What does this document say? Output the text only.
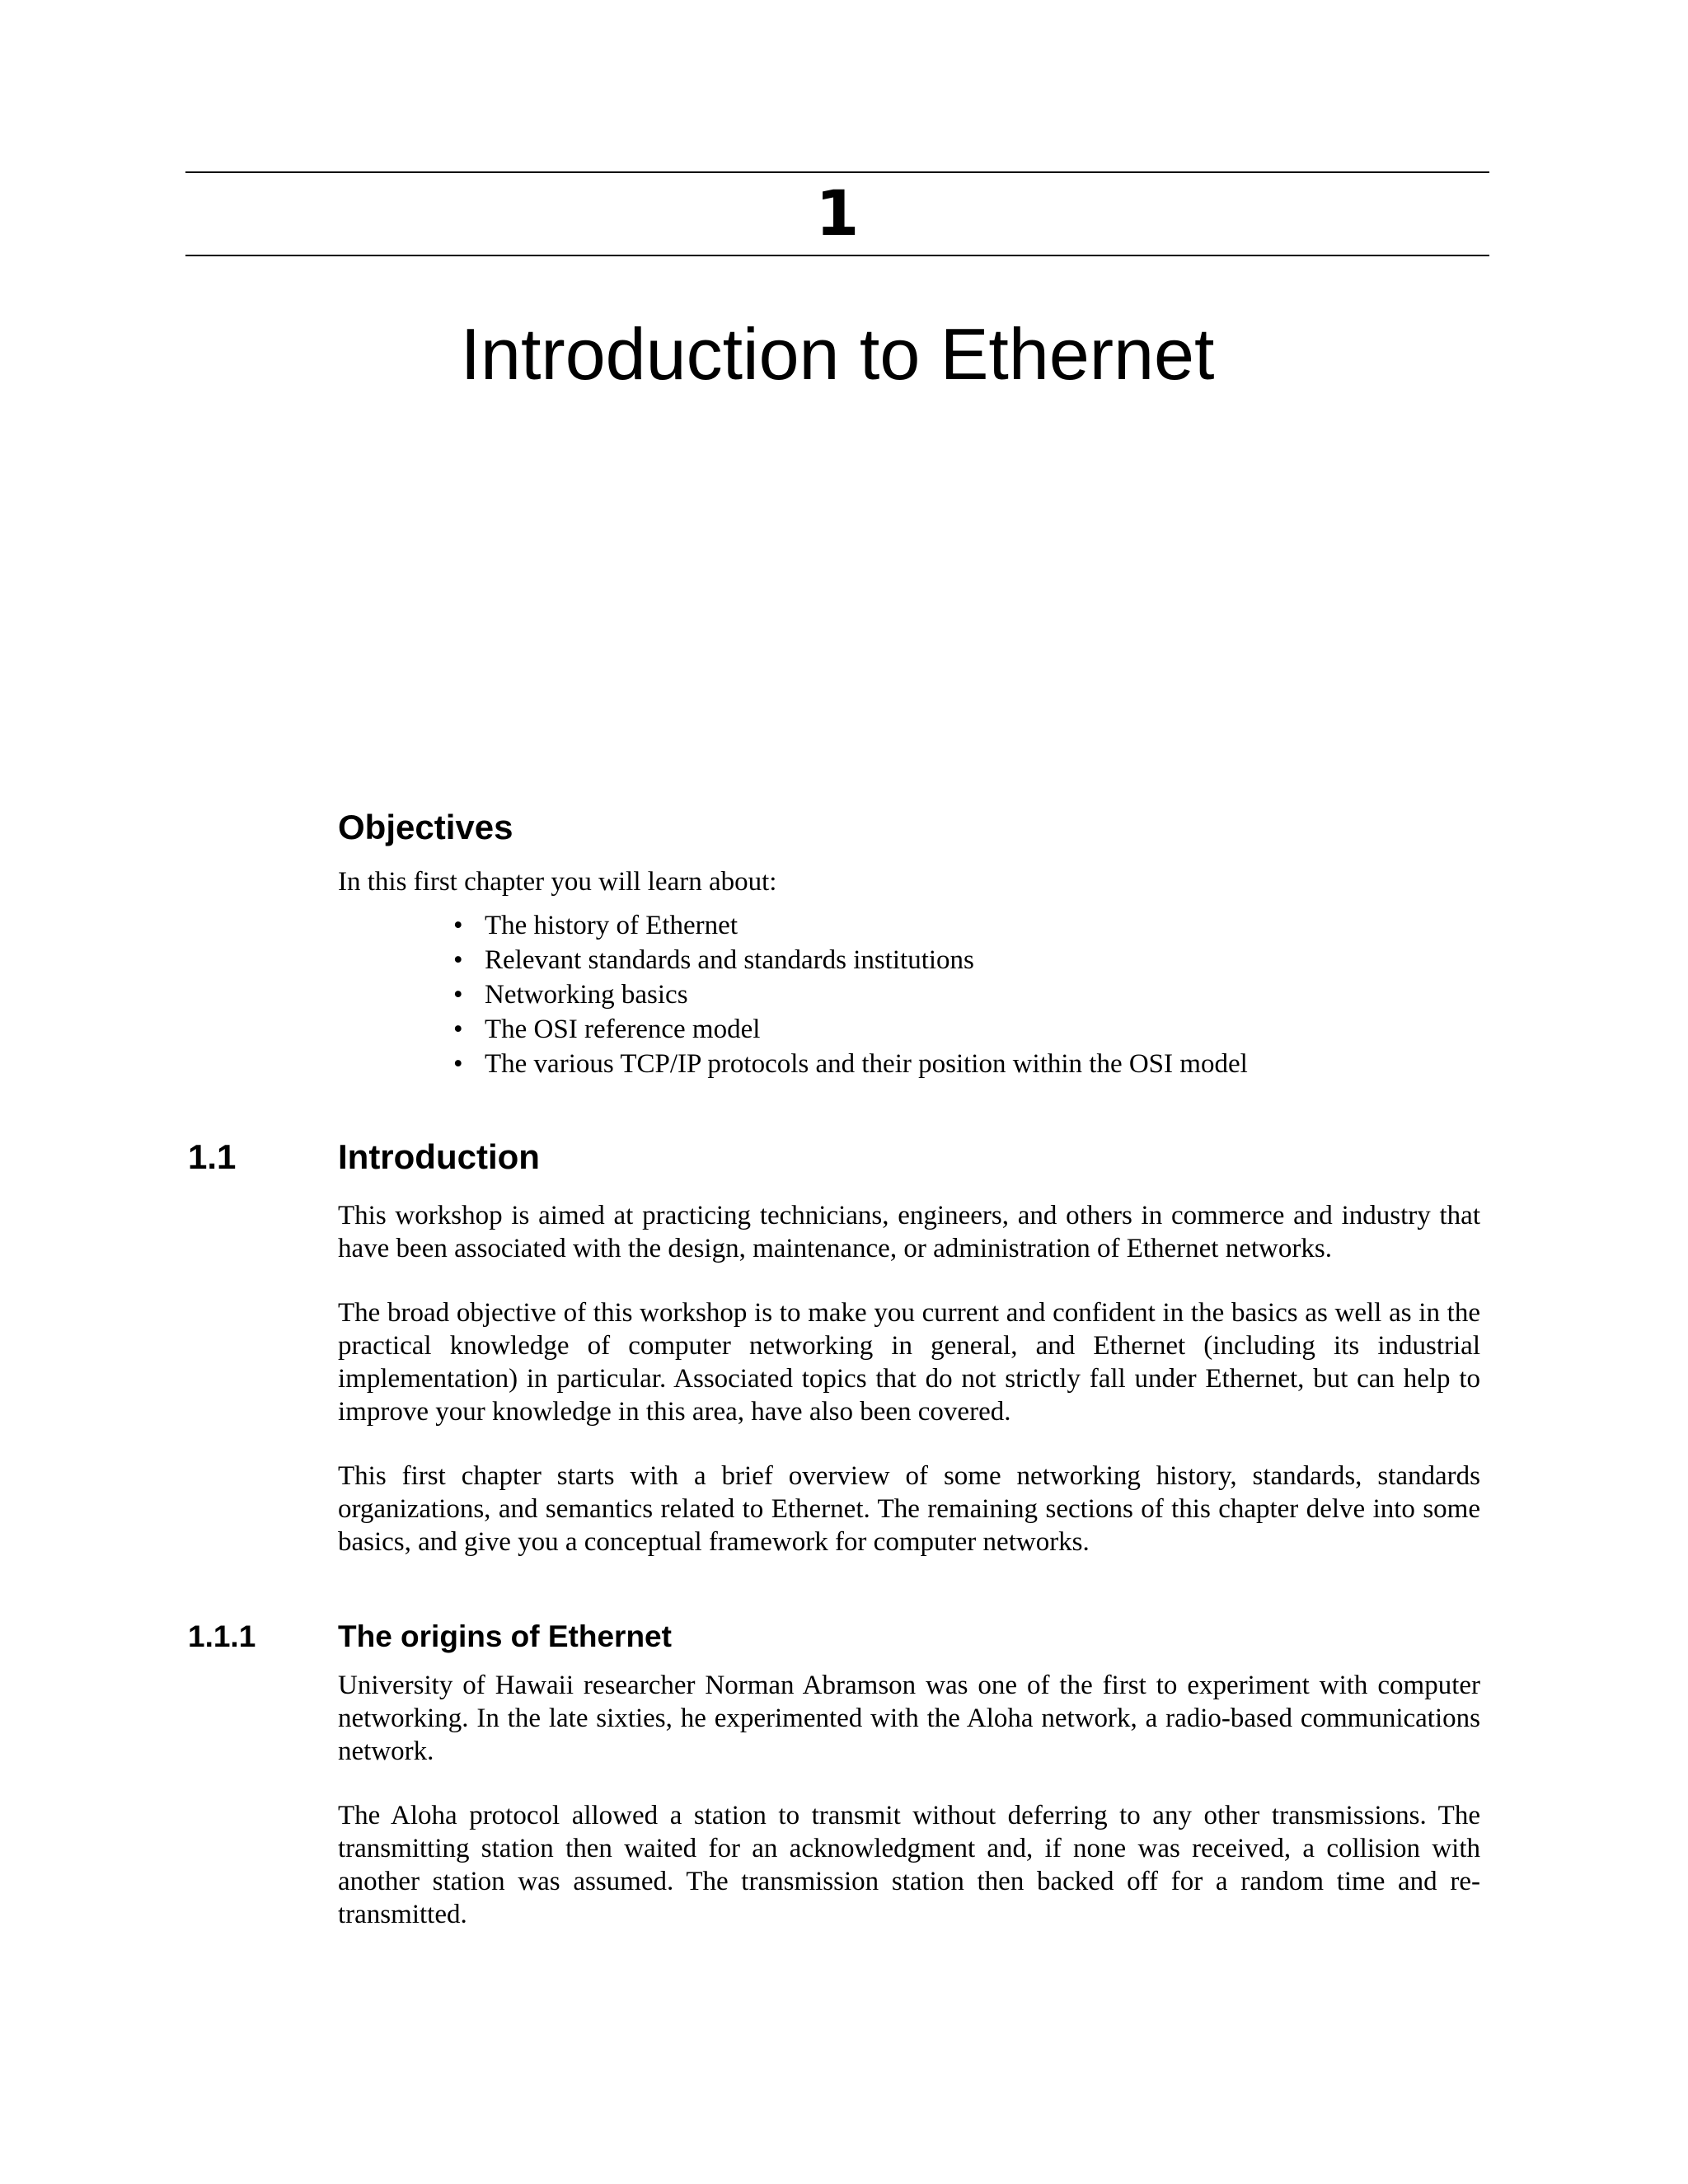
1
Introduction to Ethernet
Objectives

In this first chapter you will learn about:

• The history of Ethernet
• Relevant standards and standards institutions
• Networking basics
• The OSI reference model
• The various TCP/IP protocols and their position within the OSI model
1.1	Introduction

This workshop is aimed at practicing technicians, engineers, and others in commerce and industry that have been associated with the design, maintenance, or administration of Ethernet networks.

The broad objective of this workshop is to make you current and confident in the basics as well as in the practical knowledge of computer networking in general, and Ethernet (including its industrial implementation) in particular. Associated topics that do not strictly fall under Ethernet, but can help to improve your knowledge in this area, have also been covered.

This first chapter starts with a brief overview of some networking history, standards, standards organizations, and semantics related to Ethernet. The remaining sections of this chapter delve into some basics, and give you a conceptual framework for computer networks.

1.1.1	The origins of Ethernet

University of Hawaii researcher Norman Abramson was one of the first to experiment with computer networking. In the late sixties, he experimented with the Aloha network, a radio-based communications network.

The Aloha protocol allowed a station to transmit without deferring to any other transmissions. The transmitting station then waited for an acknowledgment and, if none was received, a collision with another station was assumed. The transmission station then backed off for a random time and re-transmitted.
